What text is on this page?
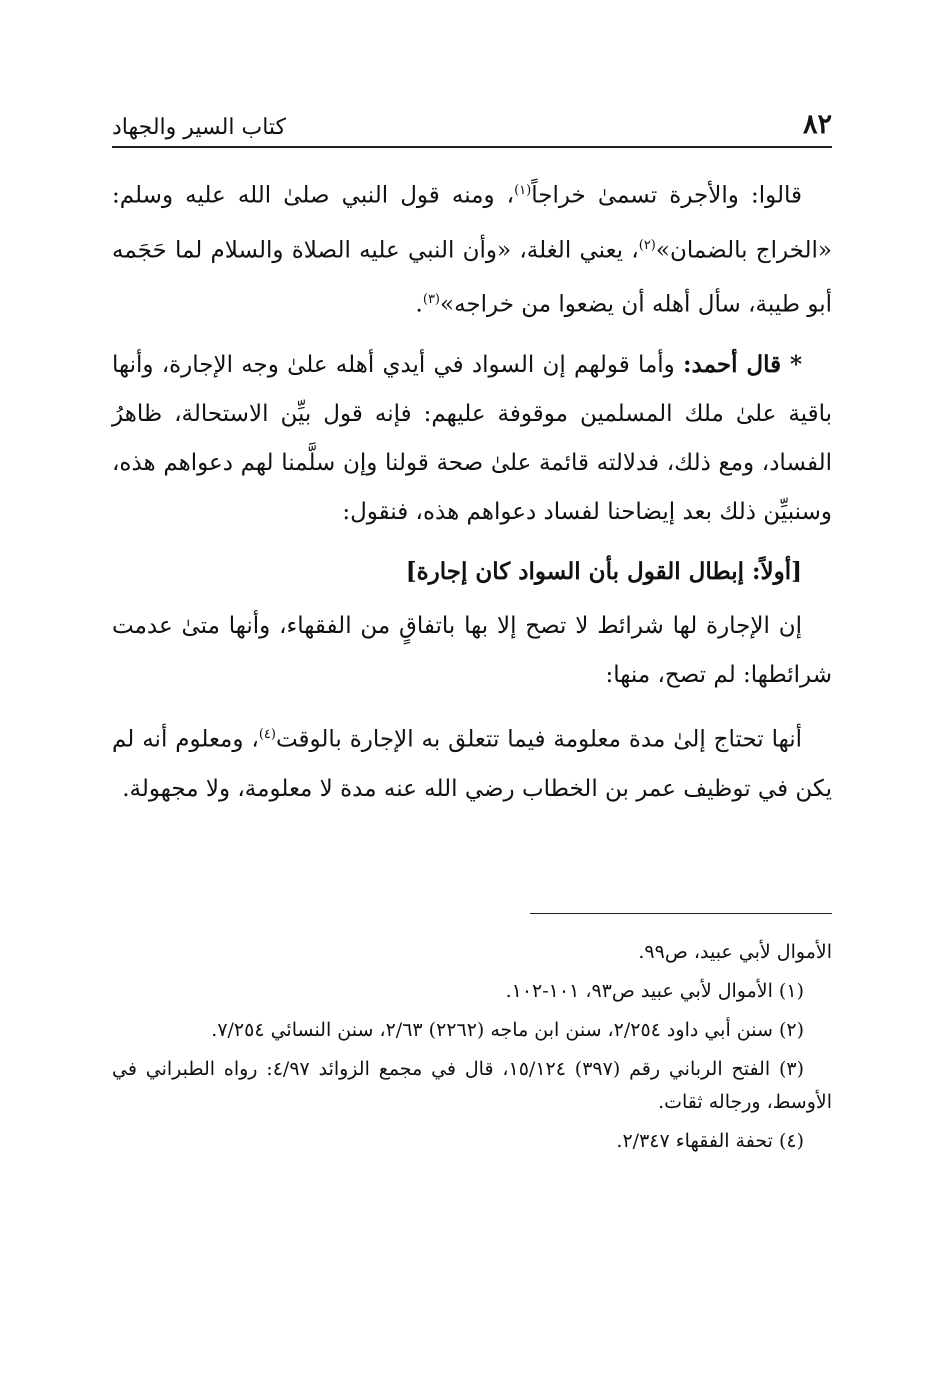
٨٢
كتاب السير والجهاد

قالوا: والأجرة تسمىٰ خراجاً$^{(١)}$، ومنه قول النبي صلىٰ الله عليه وسلم: «الخراج بالضمان»$^{(٢)}$، يعني الغلة، «وأن النبي عليه الصلاة والسلام لما حَجَمه أبو طيبة، سأل أهله أن يضعوا من خراجه»$^{(٣)}$.

* قال أحمد: وأما قولهم إن السواد في أيدي أهله علىٰ وجه الإجارة، وأنها باقية علىٰ ملك المسلمين موقوفة عليهم: فإنه قول بيِّن الاستحالة، ظاهرُ الفساد، ومع ذلك، فدلالته قائمة علىٰ صحة قولنا وإن سلَّمنا لهم دعواهم هذه، وسنبيِّن ذلك بعد إيضاحنا لفساد دعواهم هذه، فنقول:

[أولاً: إبطال القول بأن السواد كان إجارة]

إن الإجارة لها شرائط لا تصح إلا بها باتفاقٍ من الفقهاء، وأنها متىٰ عدمت شرائطها: لم تصح، منها:

أنها تحتاج إلىٰ مدة معلومة فيما تتعلق به الإجارة بالوقت$^{(٤)}$، ومعلوم أنه لم يكن في توظيف عمر بن الخطاب رضي الله عنه مدة لا معلومة، ولا مجهولة.

الأموال لأبي عبيد، ص٩٩.

(١) الأموال لأبي عبيد ص٩٣، ١٠١-١٠٢.

(٢) سنن أبي داود ٢/٢٥٤، سنن ابن ماجه (٢٢٦٢) ٢/٦٣، سنن النسائي ٧/٢٥٤.

(٣) الفتح الرباني رقم (٣٩٧) ١٥/١٢٤، قال في مجمع الزوائد ٤/٩٧: رواه الطبراني في الأوسط، ورجاله ثقات.

(٤) تحفة الفقهاء ٢/٣٤٧.
